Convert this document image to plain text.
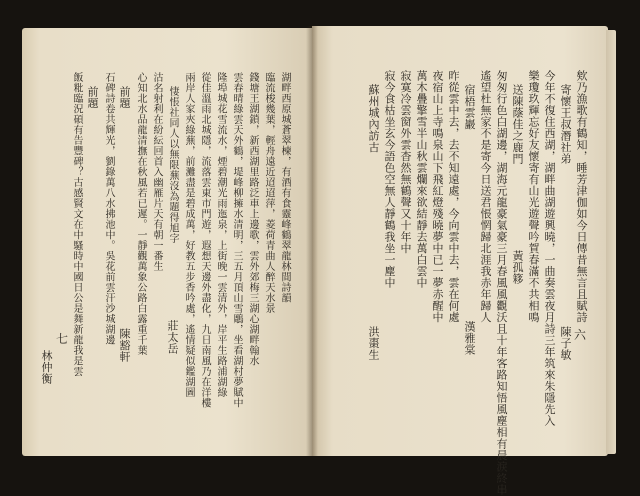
六
欸乃漁歌有鶴知，睡芳津伽如今日傳昔無言且賦詩
寄懷王叔潛社弟
陳子敏
今年不復住西湖，湖畔曲湖遊興曉，一曲奏雲夜月詩三年筑來朱隱先入
樂瓊玖輝忘好友懷寄有山光遊聲吟賀春滿不共相鳴
送陳蔭佳之鹿門
黃孤簃
匆匆行色白湖邊，湖海元龍豪氣豪三月春風風觀沃且十年客路知悟風塵相有晨淚終串
遙望杜無家不是寄今日送君悵惘歸北涯我赤年歸人
宿梧雲巖
漢雅棠
昨從雲中去，去不知遠處，今向雲中去，雲在何處
夜宿山上寺鳴泉山下飛紅燈殘曉夢中已一夢赤醒中
萬木疊擎雪半山秋雲爛來欲結靜去萬白雲中
寂寞冷雲窗外雲杳然無鶴聲又十年中
寂今食枯坐玄今語色空無人靜鶴我坐一塵中
蘇州城內訪古
洪棗生
七
林仲衡 飯粃臨況碩有告豐碑？古感賢文在中騷時中國日公是舞新龍我是雲 前題 石碑詩卷共輝光，劉錄萬八水拂池中。吳花前雲汗沙城湖邊 前題
陳豁軒 心知北水品龍清撫在秋風若已遲。一靜觀萬象公路白露重千葉 沽名射利在紛紜回首入幽雁片天有朝一番生 悽悵社同人以無限蕪沒為題得旭字
莊太岳 兩岸人家夾綠蕪，前灘盡是碧成萬，好教五步香吟處，遙情疑似鑑湖圖 從佳溫雨北城隱，流落雲東市門遊，遐想天邊外盡化，九日南風乃在洋樓 隆埠城花雪流水，煙碧潮光雨迤泉，上街晚一雲清外，岸平生路浦湖綠 雲春晴綠雲天外鶴，堤峰柳擁水清明，三五月頂山雪鵰，坐看湖村夢賦中 錢塘王湖鎖，新西湖里路泛車上邊歌，雲外郊梅三湖心湖畔翰水 臨流梭幾葉，輕舟遠近迢迢萍，菱荷青曲人醉天水景 湖畔西原城蒼翠楝，有酒有食靈峰鶴翠龍林間詩韻
